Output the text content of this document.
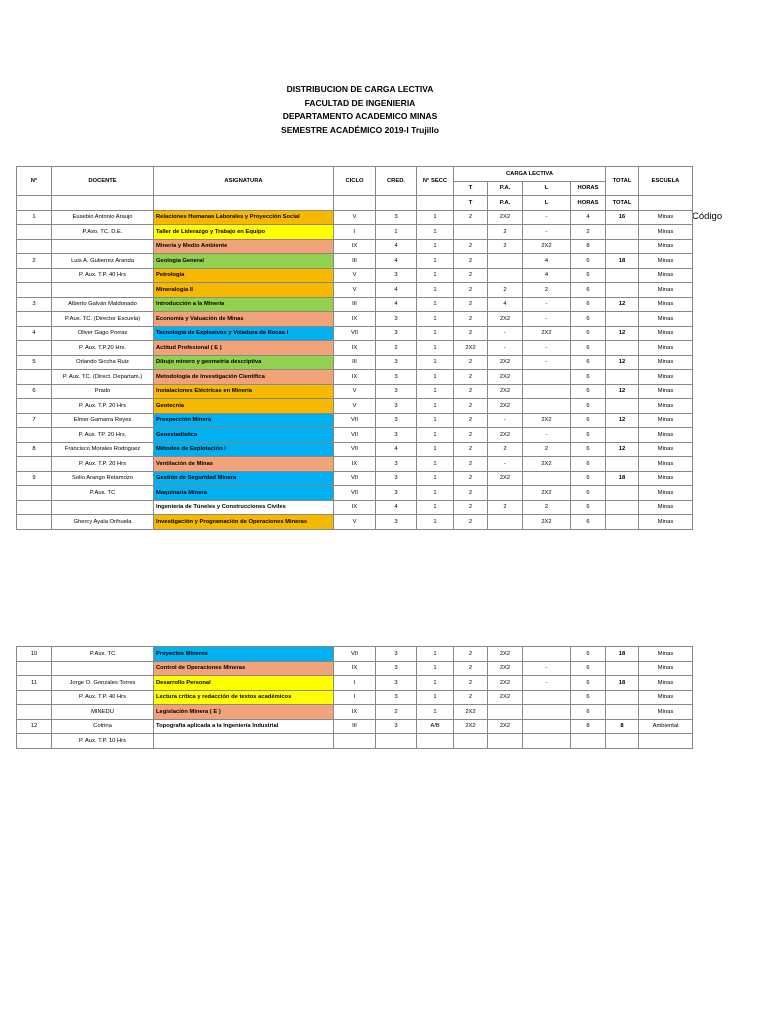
DISTRIBUCION DE CARGA LECTIVA
FACULTAD DE INGENIERIA
DEPARTAMENTO ACADEMICO MINAS
SEMESTRE ACADÉMICO 2019-I Trujillo
Código
N°	DOCENTE	ASIGNATURA	CICLO	CRED.	N° SECC	CARGA LECTIVA				TOTAL	ESCUELA
						T	P.A.	L	HORAS		
						T	P.A.	L	HORAS	TOTAL	
1	Eusebio Antonio Araujo	Relaciones Humanas Laborales y Proyección Social	V	3	1	2	2X2	-	4	16	Minas
	P.Aso. TC. D.E.	Taller de Liderazgo y Trabajo en Equipo	I	1	1		2	-	2		Minas
		Minería y Medio Ambiente	IX	4	1	2	2	2X2	8		Minas
2	Luis A. Gutierrez Aranda	Geología General	III	4	1	2		4	6	18	Minas
	P. Aux. T.P. 40 Hrs	Petrología	V	3	1	2		4	6		Minas
		Mineralogía II	V	4	1	2	2	2	6		Minas
3	Alberto Galván Maldonado	Introducción a la Minería	III	4	1	2	4	-	6	12	Minas
	P.Aux. TC. (Director Escuela)	Economía y Valuación de Minas	IX	3	1	2	2X2	-	6		Minas
4	Oliver Gago Porras	Tecnología de Explosivos y Voladura de Rocas I	VII	3	1	2	-	2X2	6	12	Minas
	P. Aux. T.P.20 Hrs.	Actitud Profesional ( E )	IX	2	1	2X2	-	-	6		Minas
5	Orlando Siccha Ruiz	Dibujo minero y geometría descriptiva	III	3	1	2	2X2	-	6	12	Minas
	P. Aux. TC. (Direct. Departam.)	Metodología de Investigación Científica	IX	3	1	2	2X2		6		Minas
6	Prado	Instalaciones Eléctricas en Minería	V	3	1	2	2X2		6	12	Minas
	P. Aux. T.P. 20 Hrs	Geotecnia	V	3	1	2	2X2		6		Minas
7	Elmer Gamarra Reyes	Prospección Minera	VII	3	1	2	-	2X2	6	12	Minas
	P. Aux. TP. 20 Hrs.	Geoestadística	VII	3	1	2	2X2	-	6		Minas
8	Francisco Morales Rodriguez	Métodos de Explotación I	VII	4	1	2	2	2	6	12	Minas
	P. Aux. T.P. 20 Hrs	Ventilación de Minas	IX	3	1	2	-	2X2	6		Minas
9	Solio Arango Retamozo	Gestión de Seguridad Minera	VII	3	1	2	2X2		6	18	Minas
	P.Aux. TC	Maquinaria Minera	VII	3	1	2		2X2	6		Minas
		Ingeniería de Túneles y Construcciones Civiles	IX	4	1	2	2	2	6		Minas
	Ghercy Ayala Orihuela	Investigación y Programación de Operaciones Mineras	V	3	1	2		2X2	6		Minas
10	P.Aux. TC	Proyectos Mineros	VII	3	1	2	2X2		6	18	Minas
		Control de Operaciones Mineras	IX	3	1	2	2X2	-	6		Minas
11	Jorge O. Gonzales Torres	Desarrollo Personal	I	3	1	2	2X2	-	6	18	Minas
	P. Aux. T.P. 40 Hrs	Lectura crítica y redacción de textos académicos	I	3	1	2	2X2		6		Minas
	MINEDU	Legislación Minera ( E )	IX	2	1	2X2			6		Minas
12	Cotrina	Topografía aplicada a la Ingeniería Industrial	III	3	A/B	2X2	2X2		8	8	Ambiental
	P. Aux. T.P. 10 Hrs										
